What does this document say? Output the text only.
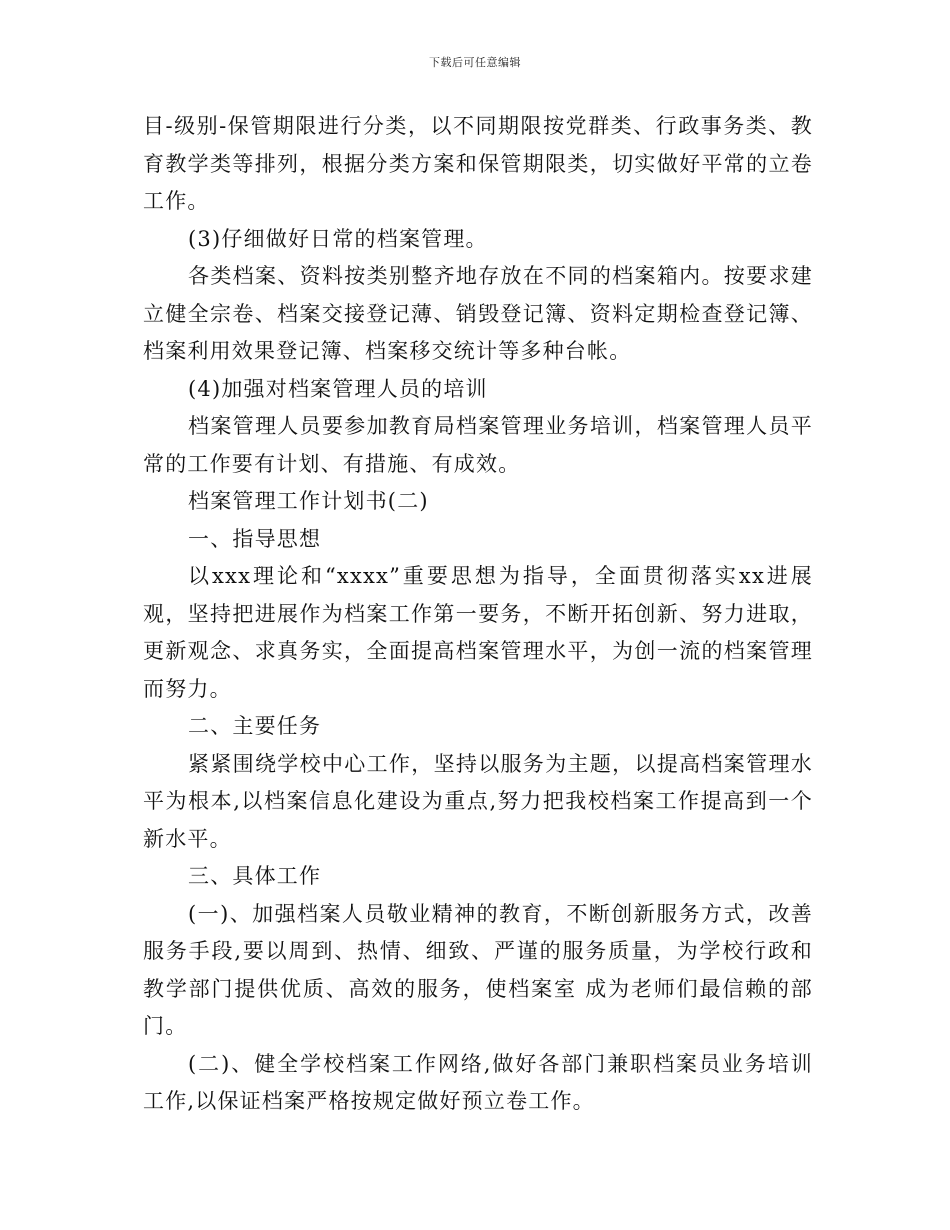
下载后可任意编辑

目-级别-保管期限进行分类，以不同期限按党群类、行政事务类、教育教学类等排列，根据分类方案和保管期限类，切实做好平常的立卷工作。

(3)仔细做好日常的档案管理。

各类档案、资料按类别整齐地存放在不同的档案箱内。按要求建立健全宗卷、档案交接登记薄、销毁登记簿、资料定期检查登记簿、档案利用效果登记簿、档案移交统计等多种台帐。

(4)加强对档案管理人员的培训

档案管理人员要参加教育局档案管理业务培训，档案管理人员平常的工作要有计划、有措施、有成效。

档案管理工作计划书(二)

一、指导思想

以xxx理论和“xxxx”重要思想为指导，全面贯彻落实xx进展观，坚持把进展作为档案工作第一要务，不断开拓创新、努力进取，更新观念、求真务实，全面提高档案管理水平，为创一流的档案管理而努力。

二、主要任务

紧紧围绕学校中心工作，坚持以服务为主题，以提高档案管理水平为根本,以档案信息化建设为重点,努力把我校档案工作提高到一个新水平。

三、具体工作

(一)、加强档案人员敬业精神的教育，不断创新服务方式，改善服务手段,要以周到、热情、细致、严谨的服务质量，为学校行政和教学部门提供优质、高效的服务，使档案室 成为老师们最信赖的部门。

(二)、健全学校档案工作网络,做好各部门兼职档案员业务培训工作,以保证档案严格按规定做好预立卷工作。
